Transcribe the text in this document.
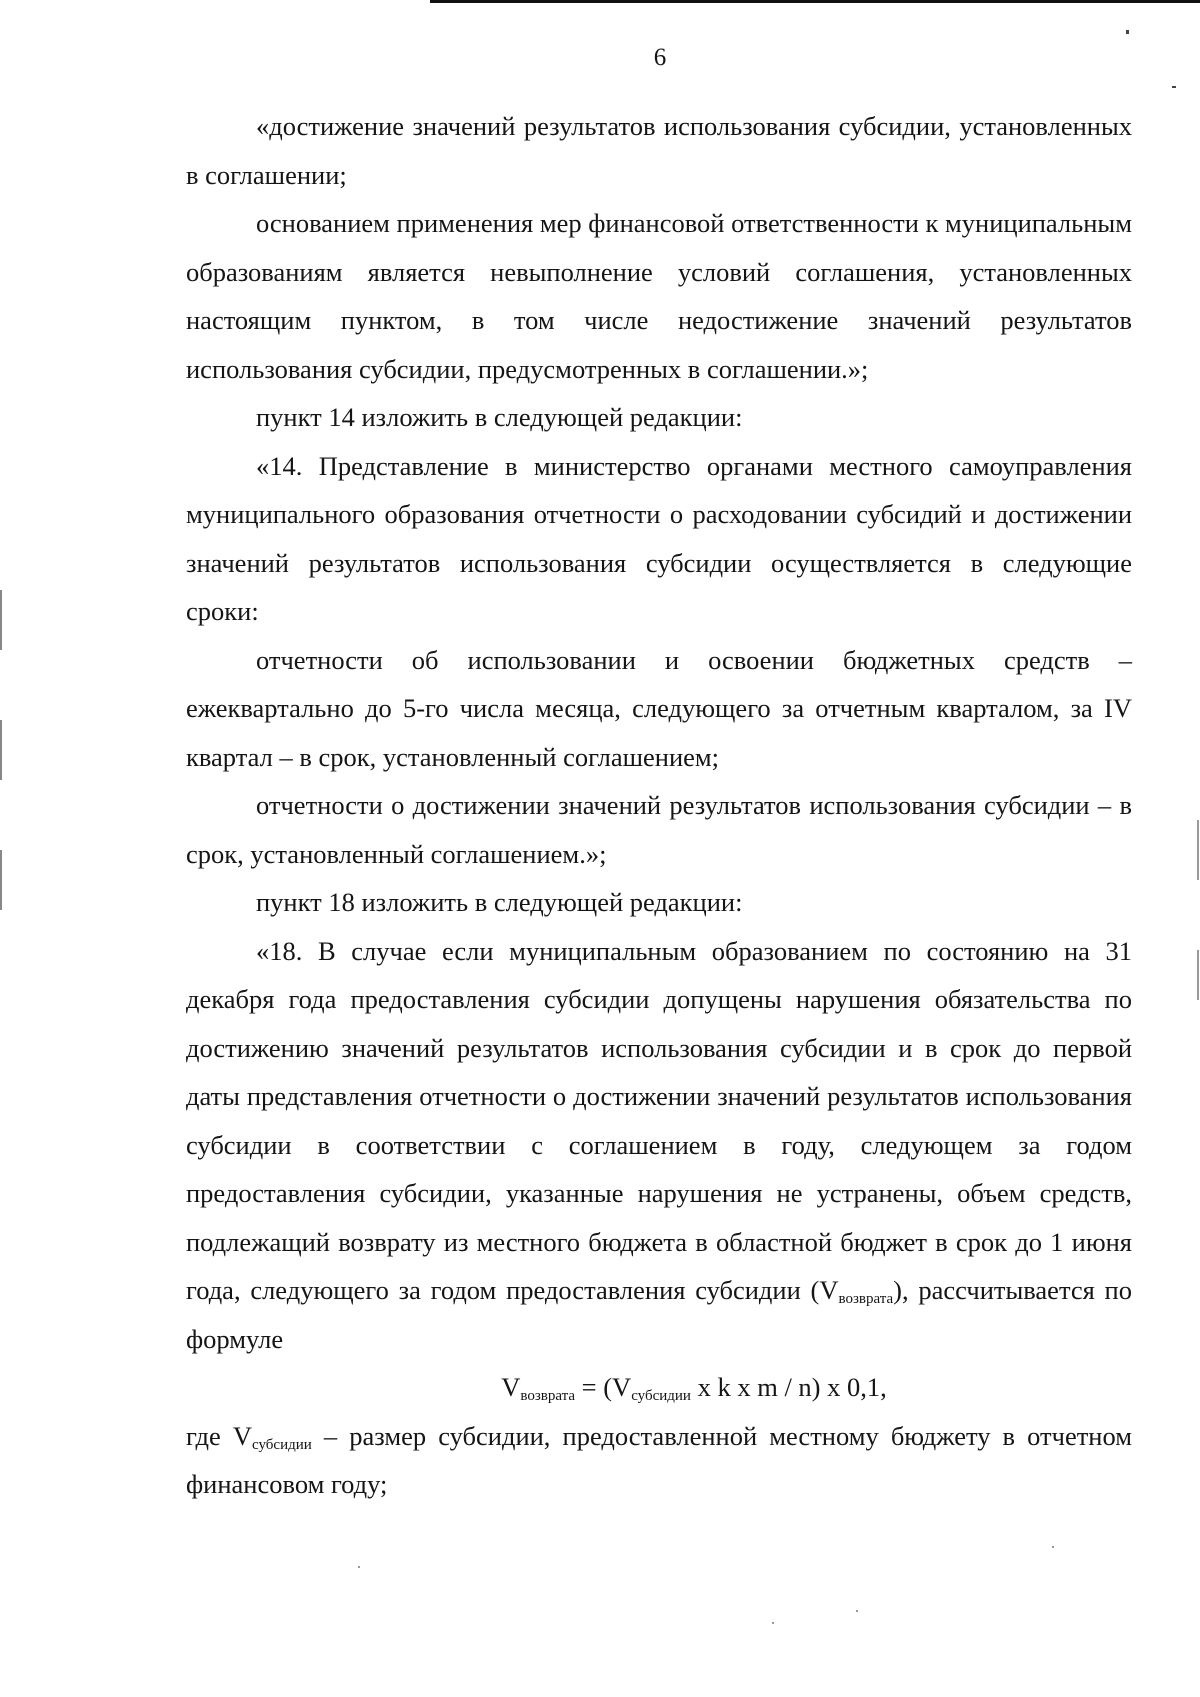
6

«достижение значений результатов использования субсидии, установленных в соглашении;

основанием применения мер финансовой ответственности к муниципальным образованиям является невыполнение условий соглашения, установленных настоящим пунктом, в том числе недостижение значений результатов использования субсидии, предусмотренных в соглашении.»;

пункт 14 изложить в следующей редакции:

«14. Представление в министерство органами местного самоуправления муниципального образования отчетности о расходовании субсидий и достижении значений результатов использования субсидии осуществляется в следующие сроки:

отчетности об использовании и освоении бюджетных средств – ежеквартально до 5-го числа месяца, следующего за отчетным кварталом, за IV квартал – в срок, установленный соглашением;

отчетности о достижении значений результатов использования субсидии – в срок, установленный соглашением.»;

пункт 18 изложить в следующей редакции:

«18. В случае если муниципальным образованием по состоянию на 31 декабря года предоставления субсидии допущены нарушения обязательства по достижению значений результатов использования субсидии и в срок до первой даты представления отчетности о достижении значений результатов использования субсидии в соответствии с соглашением в году, следующем за годом предоставления субсидии, указанные нарушения не устранены, объем средств, подлежащий возврату из местного бюджета в областной бюджет в срок до 1 июня года, следующего за годом предоставления субсидии $(V_{возврата})$, рассчитывается по формуле

$V_{возврата} = (V_{субсидии}$ x k x m / n) x 0,1,

где $V_{субсидии}$ – размер субсидии, предоставленной местному бюджету в отчетном финансовом году;
